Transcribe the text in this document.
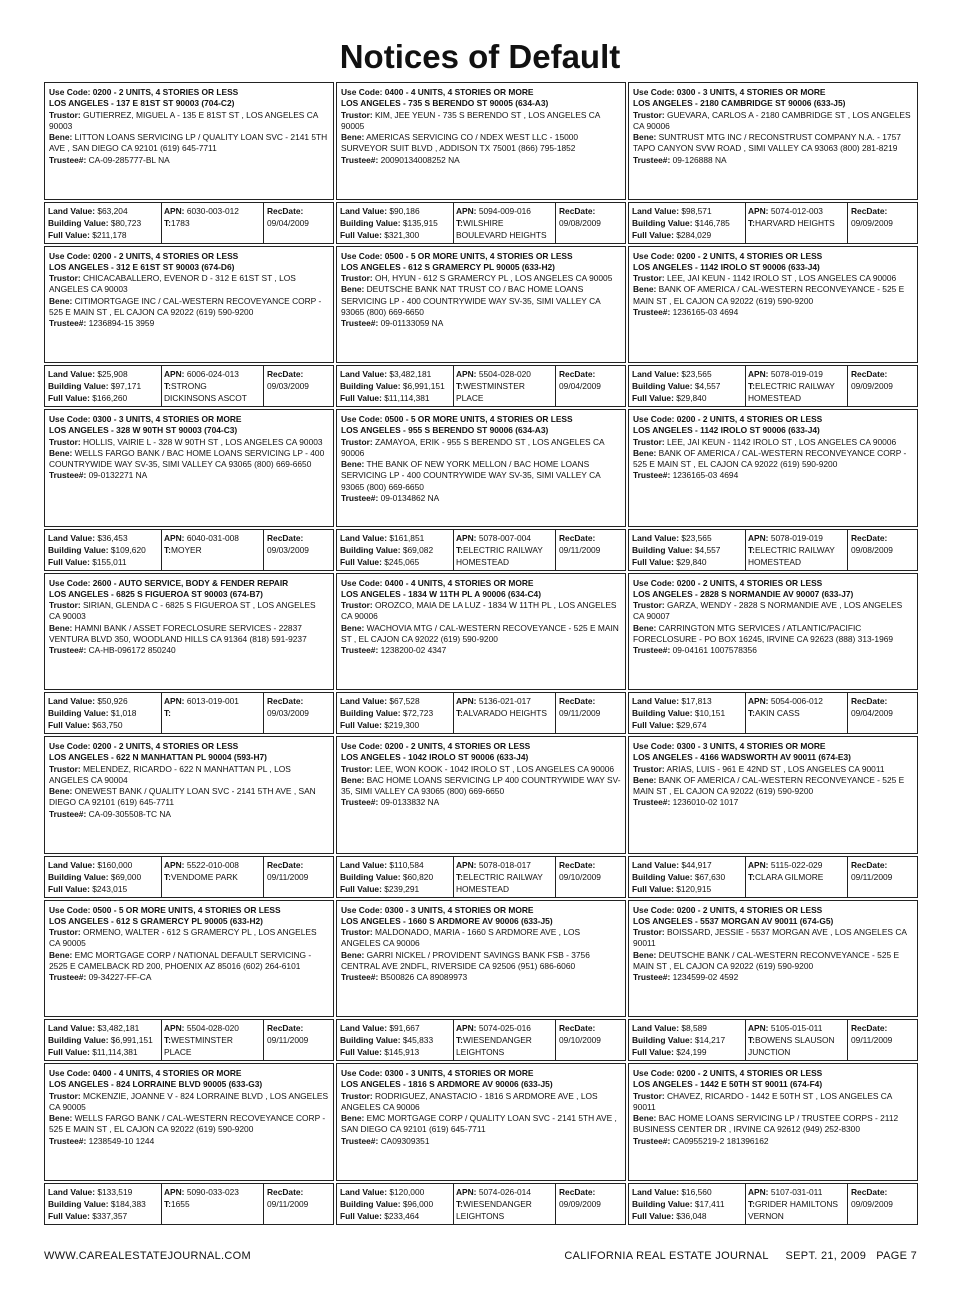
Notices of Default
Use Code: 0200 - 2 UNITS, 4 STORIES OR LESS
LOS ANGELES - 137 E 81ST ST 90003 (704-C2)
Trustor: GUTIERREZ, MIGUEL A - 135 E 81ST ST , LOS ANGELES CA 90003
Bene: LITTON LOANS SERVICING LP / QUALITY LOAN SVC - 2141 5TH AVE , SAN DIEGO CA 92101 (619) 645-7711
Trustee#: CA-09-285777-BL NA
Land Value: $63,204
Building Value: $80,723
Full Value: $211,178
APN: 6030-003-012
T:1783
RecDate:
09/04/2009
Use Code: 0200 - 2 UNITS, 4 STORIES OR LESS
LOS ANGELES - 312 E 61ST ST 90003 (674-D6)
Trustor: CHICACABALLERO, EVENOR D - 312 E 61ST ST , LOS ANGELES CA 90003
Bene: CITIMORTGAGE INC / CAL-WESTERN RECOVEYANCE CORP - 525 E MAIN ST , EL CAJON CA 92022 (619) 590-9200
Trustee#: 1236894-15 3959
Land Value: $25,908
Building Value: $97,171
Full Value: $166,260
APN: 6006-024-013
T:STRONG DICKINSONS ASCOT
RecDate:
09/03/2009
Use Code: 0300 - 3 UNITS, 4 STORIES OR MORE
LOS ANGELES - 328 W 90TH ST 90003 (704-C3)
Trustor: HOLLIS, VAIRIE L - 328 W 90TH ST , LOS ANGELES CA 90003
Bene: WELLS FARGO BANK / BAC HOME LOANS SERVICING LP - 400 COUNTRYWIDE WAY SV-35, SIMI VALLEY CA 93065 (800) 669-6650
Trustee#: 09-0132271 NA
Land Value: $36,453
Building Value: $109,620
Full Value: $155,011
APN: 6040-031-008
T:MOYER
RecDate:
09/03/2009
Use Code: 2600 - AUTO SERVICE, BODY & FENDER REPAIR
LOS ANGELES - 6825 S FIGUEROA ST 90003 (674-B7)
Trustor: SIRIAN, GLENDA C - 6825 S FIGUEROA ST , LOS ANGELES CA 90003
Bene: HAMNI BANK / ASSET FORECLOSURE SERVICES - 22837 VENTURA BLVD 350, WOODLAND HILLS CA 91364 (818) 591-9237
Trustee#: CA-HB-096172 850240
Land Value: $50,926
Building Value: $1,018
Full Value: $63,750
APN: 6013-019-001
T:
RecDate:
09/03/2009
Use Code: 0200 - 2 UNITS, 4 STORIES OR LESS
LOS ANGELES - 622 N MANHATTAN PL 90004 (593-H7)
Trustor: MELENDEZ, RICARDO - 622 N MANHATTAN PL , LOS ANGELES CA 90004
Bene: ONEWEST BANK / QUALITY LOAN SVC - 2141 5TH AVE , SAN DIEGO CA 92101 (619) 645-7711
Trustee#: CA-09-305508-TC NA
Land Value: $160,000
Building Value: $69,000
Full Value: $243,015
APN: 5522-010-008
T:VENDOME PARK
RecDate:
09/11/2009
Use Code: 0500 - 5 OR MORE UNITS, 4 STORIES OR LESS
LOS ANGELES - 612 S GRAMERCY PL 90005 (633-H2)
Trustor: ORMENO, WALTER - 612 S GRAMERCY PL , LOS ANGELES CA 90005
Bene: EMC MORTGAGE CORP / NATIONAL DEFAULT SERVICING - 2525 E CAMELBACK RD 200, PHOENIX AZ 85016 (602) 264-6101
Trustee#: 09-34227-FF-CA
Land Value: $3,482,181
Building Value: $6,991,151
Full Value: $11,114,381
APN: 5504-028-020
T:WESTMINSTER PLACE
RecDate:
09/11/2009
Use Code: 0400 - 4 UNITS, 4 STORIES OR MORE
LOS ANGELES - 824 LORRAINE BLVD 90005 (633-G3)
Trustor: MCKENZIE, JOANNE V - 824 LORRAINE BLVD , LOS ANGELES CA 90005
Bene: WELLS FARGO BANK / CAL-WESTERN RECOVEYANCE CORP - 525 E MAIN ST , EL CAJON CA 92022 (619) 590-9200
Trustee#: 1238549-10 1244
Land Value: $133,519
Building Value: $184,383
Full Value: $337,357
APN: 5090-033-023
T:1655
RecDate:
09/11/2009
Use Code: 0400 - 4 UNITS, 4 STORIES OR MORE
LOS ANGELES - 735 S BERENDO ST 90005 (634-A3)
Trustor: KIM, JEE YEUN - 735 S BERENDO ST , LOS ANGELES CA 90005
Bene: AMERICAS SERVICING CO / NDEX WEST LLC - 15000 SURVEYOR SUIT BLVD , ADDISON TX 75001 (866) 795-1852
Trustee#: 20090134008252 NA
Land Value: $90,186
Building Value: $135,915
Full Value: $321,300
APN: 5094-009-016
T:WILSHIRE BOULEVARD HEIGHTS
RecDate:
09/08/2009
Use Code: 0500 - 5 OR MORE UNITS, 4 STORIES OR LESS
LOS ANGELES - 612 S GRAMERCY PL 90005 (633-H2)
Trustor: OH, HYUN - 612 S GRAMERCY PL , LOS ANGELES CA 90005
Bene: DEUTSCHE BANK NAT TRUST CO / BAC HOME LOANS SERVICING LP - 400 COUNTRYWIDE WAY SV-35, SIMI VALLEY CA 93065 (800) 669-6650
Trustee#: 09-01133059 NA
Land Value: $3,482,181
Building Value: $6,991,151
Full Value: $11,114,381
APN: 5504-028-020
T:WESTMINSTER PLACE
RecDate:
09/04/2009
Use Code: 0500 - 5 OR MORE UNITS, 4 STORIES OR LESS
LOS ANGELES - 955 S BERENDO ST 90006 (634-A3)
Trustor: ZAMAYOA, ERIK - 955 S BERENDO ST , LOS ANGELES CA 90006
Bene: THE BANK OF NEW YORK MELLON / BAC HOME LOANS SERVICING LP - 400 COUNTRYWIDE WAY SV-35, SIMI VALLEY CA 93065 (800) 669-6650
Trustee#: 09-0134862 NA
Land Value: $161,851
Building Value: $69,082
Full Value: $245,065
APN: 5078-007-004
T:ELECTRIC RAILWAY HOMESTEAD
RecDate:
09/11/2009
Use Code: 0400 - 4 UNITS, 4 STORIES OR MORE
LOS ANGELES - 1834 W 11TH PL A 90006 (634-C4)
Trustor: OROZCO, MAIA DE LA LUZ - 1834 W 11TH PL , LOS ANGELES CA 90006
Bene: WACHOVIA MTG / CAL-WESTERN RECOVEYANCE - 525 E MAIN ST , EL CAJON CA 92022 (619) 590-9200
Trustee#: 1238200-02 4347
Land Value: $67,528
Building Value: $72,723
Full Value: $219,300
APN: 5136-021-017
T:ALVARADO HEIGHTS
RecDate:
09/11/2009
Use Code: 0200 - 2 UNITS, 4 STORIES OR LESS
LOS ANGELES - 1042 IROLO ST 90006 (633-J4)
Trustor: LEE, WON KOOK - 1042 IROLO ST , LOS ANGELES CA 90006
Bene: BAC HOME LOANS SERVICING LP 400 COUNTRYWIDE WAY SV-35, SIMI VALLEY CA 93065 (800) 669-6650
Trustee#: 09-0133832 NA
Land Value: $110,584
Building Value: $60,820
Full Value: $239,291
APN: 5078-018-017
T:ELECTRIC RAILWAY HOMESTEAD
RecDate:
09/10/2009
Use Code: 0300 - 3 UNITS, 4 STORIES OR MORE
LOS ANGELES - 1660 S ARDMORE AV 90006 (633-J5)
Trustor: MALDONADO, MARIA - 1660 S ARDMORE AVE , LOS ANGELES CA 90006
Bene: GARRI NICKEL / PROVIDENT SAVINGS BANK FSB - 3756 CENTRAL AVE 2NDFL, RIVERSIDE CA 92506 (951) 686-6060
Trustee#: B500826 CA 89089973
Land Value: $91,667
Building Value: $45,833
Full Value: $145,913
APN: 5074-025-016
T:WIESENDANGER LEIGHTONS
RecDate:
09/10/2009
Use Code: 0300 - 3 UNITS, 4 STORIES OR MORE
LOS ANGELES - 1816 S ARDMORE AV 90006 (633-J5)
Trustor: RODRIGUEZ, ANASTACIO - 1816 S ARDMORE AVE , LOS ANGELES CA 90006
Bene: EMC MORTGAGE CORP / QUALITY LOAN SVC - 2141 5TH AVE , SAN DIEGO CA 92101 (619) 645-7711
Trustee#: CA09309351
Land Value: $120,000
Building Value: $96,000
Full Value: $233,464
APN: 5074-026-014
T:WIESENDANGER LEIGHTONS
RecDate:
09/09/2009
Use Code: 0300 - 3 UNITS, 4 STORIES OR MORE
LOS ANGELES - 2180 CAMBRIDGE ST 90006 (633-J5)
Trustor: GUEVARA, CARLOS A - 2180 CAMBRIDGE ST , LOS ANGELES CA 90006
Bene: SUNTRUST MTG INC / RECONSTRUST COMPANY N.A. - 1757 TAPO CANYON SVW ROAD , SIMI VALLEY CA 93063 (800) 281-8219
Trustee#: 09-126888 NA
Land Value: $98,571
Building Value: $146,785
Full Value: $284,029
APN: 5074-012-003
T:HARVARD HEIGHTS
RecDate:
09/09/2009
Use Code: 0200 - 2 UNITS, 4 STORIES OR LESS
LOS ANGELES - 1142 IROLO ST 90006 (633-J4)
Trustor: LEE, JAI KEUN - 1142 IROLO ST , LOS ANGELES CA 90006
Bene: BANK OF AMERICA / CAL-WESTERN RECONVEYANCE - 525 E MAIN ST , EL CAJON CA 92022 (619) 590-9200
Trustee#: 1236165-03 4694
Land Value: $23,565
Building Value: $4,557
Full Value: $29,840
APN: 5078-019-019
T:ELECTRIC RAILWAY HOMESTEAD
RecDate:
09/09/2009
Use Code: 0200 - 2 UNITS, 4 STORIES OR LESS
LOS ANGELES - 1142 IROLO ST 90006 (633-J4)
Trustor: LEE, JAI KEUN - 1142 IROLO ST , LOS ANGELES CA 90006
Bene: BANK OF AMERICA / CAL-WESTERN RECONVEYANCE CORP - 525 E MAIN ST , EL CAJON CA 92022 (619) 590-9200
Trustee#: 1236165-03 4694
Land Value: $23,565
Building Value: $4,557
Full Value: $29,840
APN: 5078-019-019
T:ELECTRIC RAILWAY HOMESTEAD
RecDate:
09/08/2009
Use Code: 0200 - 2 UNITS, 4 STORIES OR LESS
LOS ANGELES - 2828 S NORMANDIE AV 90007 (633-J7)
Trustor: GARZA, WENDY - 2828 S NORMANDIE AVE , LOS ANGELES CA 90007
Bene: CARRINGTON MTG SERVICES / ATLANTIC/PACIFIC FORECLOSURE - PO BOX 16245, IRVINE CA 92623 (888) 313-1969
Trustee#: 09-04161 1007578356
Land Value: $17,813
Building Value: $10,151
Full Value: $29,674
APN: 5054-006-012
T:AKIN CASS
RecDate:
09/04/2009
Use Code: 0300 - 3 UNITS, 4 STORIES OR MORE
LOS ANGELES - 4166 WADSWORTH AV 90011 (674-E3)
Trustor: ARIAS, LUIS - 961 E 42ND ST , LOS ANGELES CA 90011
Bene: BANK OF AMERICA / CAL-WESTERN RECONVEYANCE - 525 E MAIN ST , EL CAJON CA 92022 (619) 590-9200
Trustee#: 1236010-02 1017
Land Value: $44,917
Building Value: $67,630
Full Value: $120,915
APN: 5115-022-029
T:CLARA GILMORE
RecDate:
09/11/2009
Use Code: 0200 - 2 UNITS, 4 STORIES OR LESS
LOS ANGELES - 5537 MORGAN AV 90011 (674-G5)
Trustor: BOISSARD, JESSIE - 5537 MORGAN AVE , LOS ANGELES CA 90011
Bene: DEUTSCHE BANK / CAL-WESTERN RECONVEYANCE - 525 E MAIN ST , EL CAJON CA 92022 (619) 590-9200
Trustee#: 1234599-02 4592
Land Value: $8,589
Building Value: $14,217
Full Value: $24,199
APN: 5105-015-011
T:BOWENS SLAUSON JUNCTION
RecDate:
09/11/2009
Use Code: 0200 - 2 UNITS, 4 STORIES OR LESS
LOS ANGELES - 1442 E 50TH ST 90011 (674-F4)
Trustor: CHAVEZ, RICARDO - 1442 E 50TH ST , LOS ANGELES CA 90011
Bene: BAC HOME LOANS SERVICING LP / TRUSTEE CORPS - 2112 BUSINESS CENTER DR , IRVINE CA 92612 (949) 252-8300
Trustee#: CA0955219-2 181396162
Land Value: $16,560
Building Value: $17,411
Full Value: $36,048
APN: 5107-031-011
T:GRIDER HAMILTONS VERNON
RecDate:
09/09/2009
WWW.CAREALESTATEJOURNAL.COM	CALIFORNIA REAL ESTATE JOURNAL SEPT. 21, 2009 PAGE 7
